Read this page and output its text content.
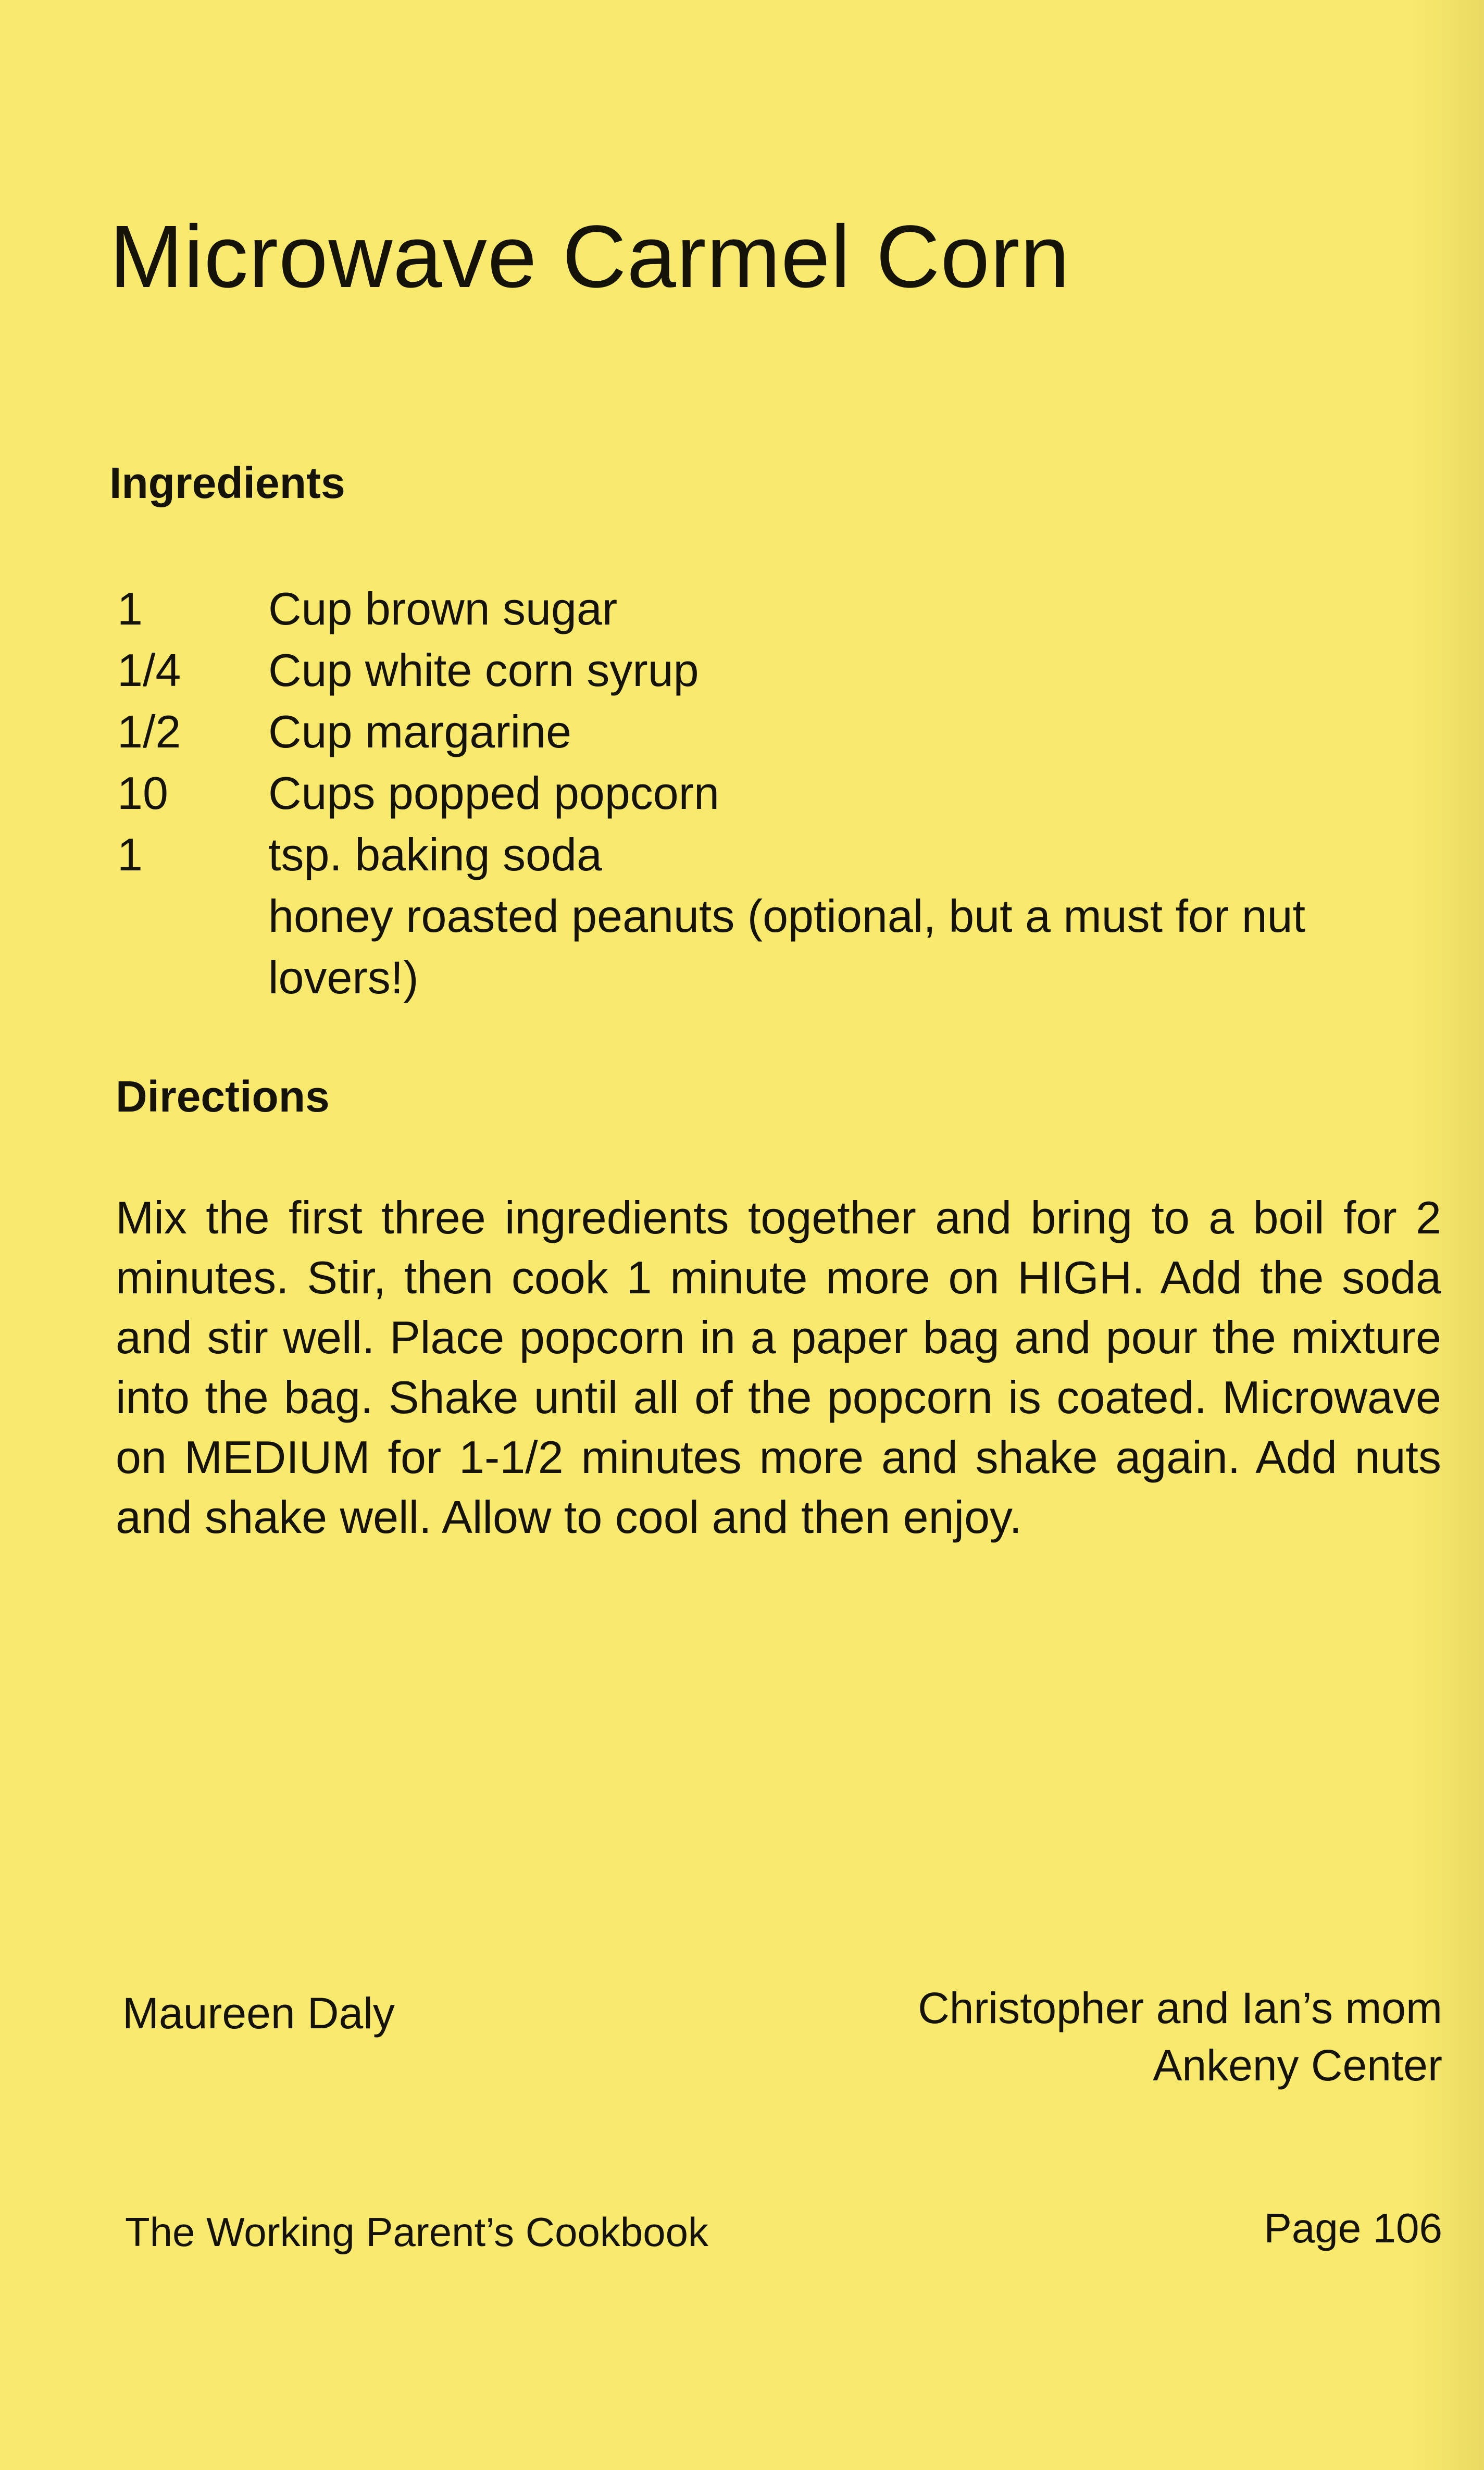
Microwave Carmel Corn
Ingredients
1	Cup brown sugar
1/4	Cup white corn syrup
1/2	Cup margarine
10	Cups popped popcorn
1	tsp. baking soda
honey roasted peanuts (optional, but a must for nut lovers!)
Directions

Mix the first three ingredients together and bring to a boil for 2 minutes. Stir, then cook 1 minute more on HIGH. Add the soda and stir well. Place popcorn in a paper bag and pour the mixture into the bag. Shake until all of the popcorn is coated. Microwave on MEDIUM for 1-1/2 minutes more and shake again. Add nuts and shake well. Allow to cool and then enjoy.

Maureen Daly	Christopher and Ian’s mom
Ankeny Center
The Working Parent’s Cookbook	Page 106
